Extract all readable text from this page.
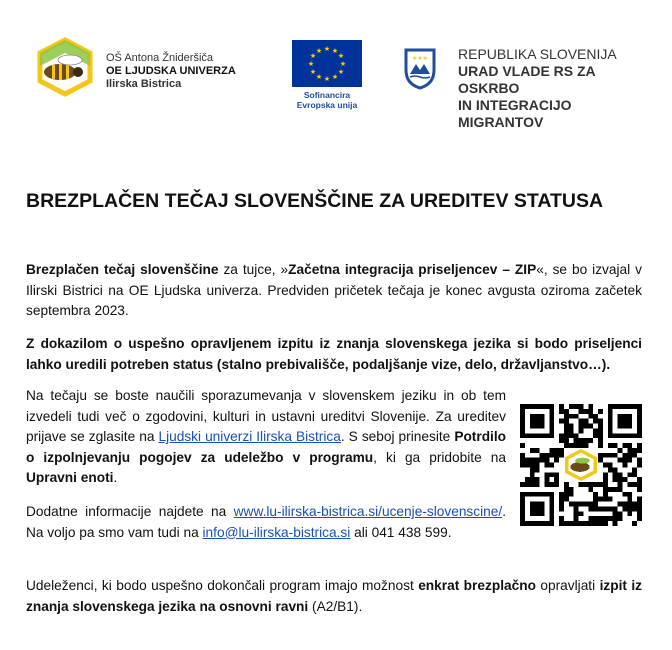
OŠ Antona Žnideršiča
OE LJUDSKA UNIVERZA
Ilirska Bistrica
★ ★
★
★
★
★
★
★
★
★
★
★
Sofinancira
Evropska unija
★★★ REPUBLIKA SLOVENIJA
URAD VLADE RS ZA OSKRBO
IN INTEGRACIJO MIGRANTOV
BREZPLAČEN TEČAJ SLOVENŠČINE ZA UREDITEV STATUSA

Brezplačen tečaj slovenščine za tujce, »Začetna integracija priseljencev – ZIP«, se bo izvajal v Ilirski Bistrici na OE Ljudska univerza. Predviden pričetek tečaja je konec avgusta oziroma začetek septembra 2023.

Z dokazilom o uspešno opravljenem izpitu iz znanja slovenskega jezika si bodo priseljenci lahko uredili potreben status (stalno prebivališče, podaljšanje vize, delo, državljanstvo…).

Na tečaju se boste naučili sporazumevanja v slovenskem jeziku in ob tem izvedeli tudi več o zgodovini, kulturi in ustavni ureditvi Slovenije. Za ureditev prijave se zglasite na Ljudski univerzi Ilirska Bistrica. S seboj prinesite Potrdilo o izpolnjevanju pogojev za udeležbo v programu, ki ga pridobite na Upravni enoti.

Dodatne informacije najdete na www.lu-ilirska-bistrica.si/ucenje-slovenscine/. Na voljo pa smo vam tudi na info@lu-ilirska-bistrica.si ali 041 438 599.

Udeleženci, ki bodo uspešno dokončali program imajo možnost enkrat brezplačno opravljati izpit iz znanja slovenskega jezika na osnovni ravni (A2/B1).
